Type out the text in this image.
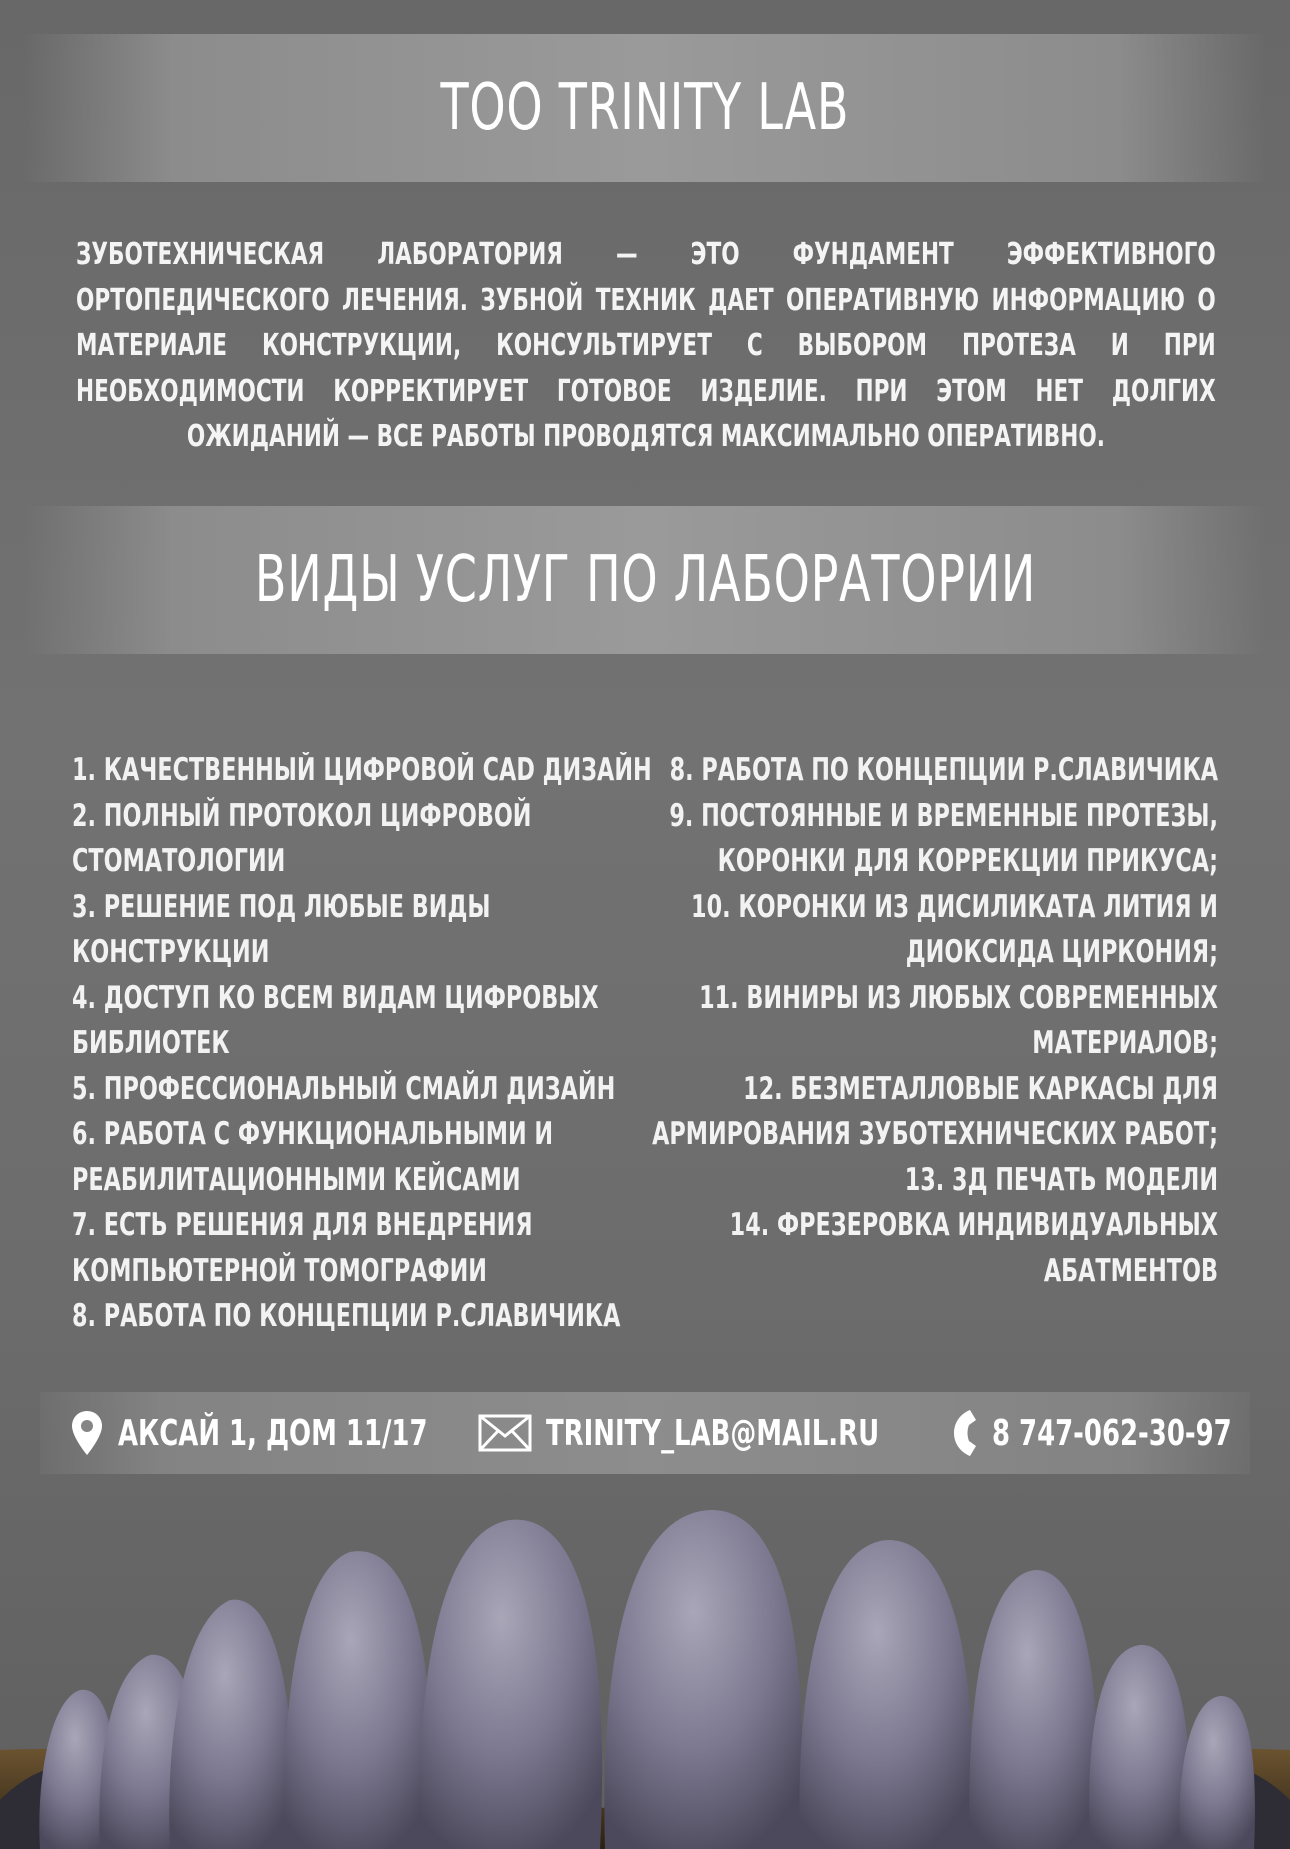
ТОО TRINITY LAB
ЗУБОТЕХНИЧЕСКАЯ ЛАБОРАТОРИЯ — ЭТО ФУНДАМЕНТ ЭФФЕКТИВНОГО ОРТОПЕДИЧЕСКОГО ЛЕЧЕНИЯ. ЗУБНОЙ ТЕХНИК ДАЕТ ОПЕРАТИВНУЮ ИНФОРМАЦИЮ О МАТЕРИАЛЕ КОНСТРУКЦИИ, КОНСУЛЬТИРУЕТ С ВЫБОРОМ ПРОТЕЗА И ПРИ НЕОБХОДИМОСТИ КОРРЕКТИРУЕТ ГОТОВОЕ ИЗДЕЛИЕ. ПРИ ЭТОМ НЕТ ДОЛГИХ ОЖИДАНИЙ — ВСЕ РАБОТЫ ПРОВОДЯТСЯ МАКСИМАЛЬНО ОПЕРАТИВНО.
ВИДЫ УСЛУГ ПО ЛАБОРАТОРИИ
1. КАЧЕСТВЕННЫЙ ЦИФРОВОЙ CAD ДИЗАЙН
2. ПОЛНЫЙ ПРОТОКОЛ ЦИФРОВОЙ
СТОМАТОЛОГИИ
3. РЕШЕНИЕ ПОД ЛЮБЫЕ ВИДЫ
КОНСТРУКЦИИ
4. ДОСТУП КО ВСЕМ ВИДАМ ЦИФРОВЫХ БИБЛИОТЕК
5. ПРОФЕССИОНАЛЬНЫЙ СМАЙЛ ДИЗАЙН
6. РАБОТА С ФУНКЦИОНАЛЬНЫМИ И
РЕАБИЛИТАЦИОННЫМИ КЕЙСАМИ
7. ЕСТЬ РЕШЕНИЯ ДЛЯ ВНЕДРЕНИЯ
КОМПЬЮТЕРНОЙ ТОМОГРАФИИ
8. РАБОТА ПО КОНЦЕПЦИИ Р.СЛАВИЧИКА
8. РАБОТА ПО КОНЦЕПЦИИ Р.СЛАВИЧИКА
9. ПОСТОЯННЫЕ И ВРЕМЕННЫЕ ПРОТЕЗЫ,
КОРОНКИ ДЛЯ КОРРЕКЦИИ ПРИКУСА;
10. КОРОНКИ ИЗ ДИСИЛИКАТА ЛИТИЯ И
ДИОКСИДА ЦИРКОНИЯ;
11. ВИНИРЫ ИЗ ЛЮБЫХ СОВРЕМЕННЫХ
МАТЕРИАЛОВ;
12. БЕЗМЕТАЛЛОВЫЕ КАРКАСЫ ДЛЯ
АРМИРОВАНИЯ ЗУБОТЕХНИЧЕСКИХ РАБОТ;
13. 3Д ПЕЧАТЬ МОДЕЛИ
14. ФРЕЗЕРОВКА ИНДИВИДУАЛЬНЫХ
АБАТМЕНТОВ
АКСАЙ 1, ДОМ 11/17	TRINITY_LAB@MAIL.RU	8 747-062-30-97
